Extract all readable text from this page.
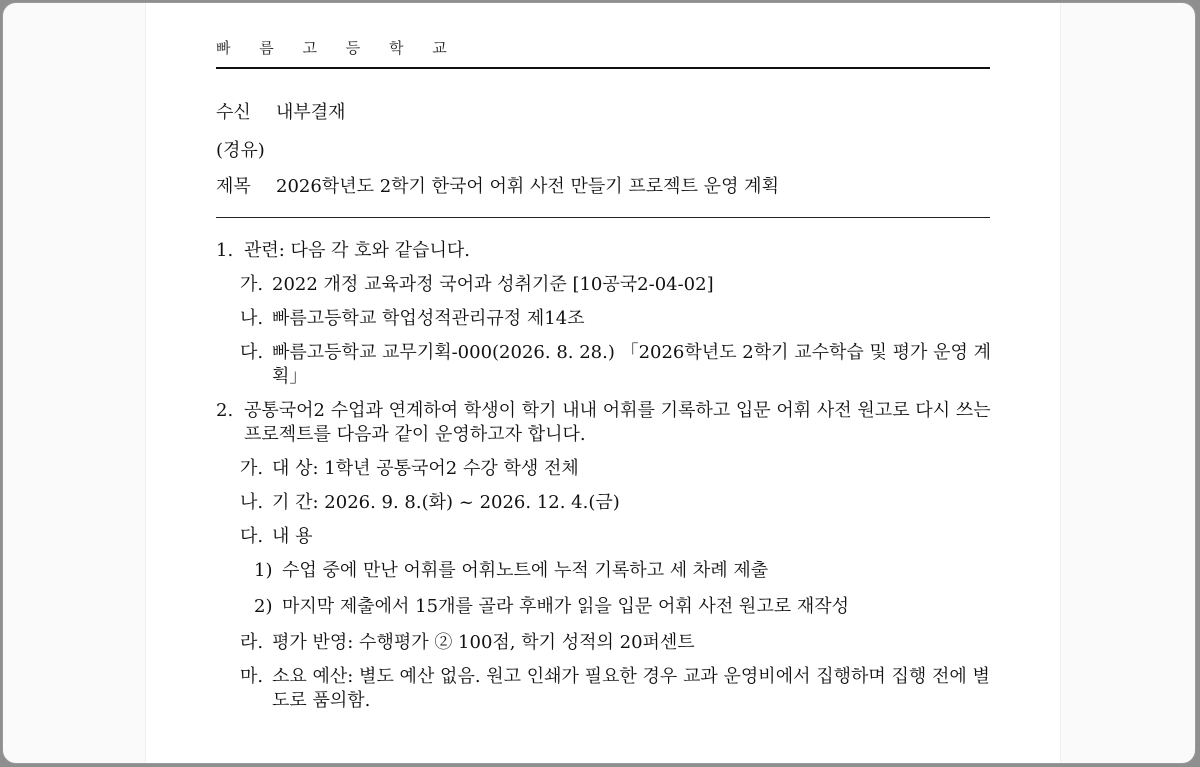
빠 름 고 등 학 교
수신 내부결재
(경유)
제목 2026학년도 2학기 한국어 어휘 사전 만들기 프로젝트 운영 계획
1. 관련: 다음 각 호와 같습니다.
가. 2022 개정 교육과정 국어과 성취기준 [10공국2-04-02]
나. 빠름고등학교 학업성적관리규정 제14조
다. 빠름고등학교 교무기획-000(2026. 8. 28.) 「2026학년도 2학기 교수학습 및 평가 운영 계획」
2. 공통국어2 수업과 연계하여 학생이 학기 내내 어휘를 기록하고 입문 어휘 사전 원고로 다시 쓰는 프로젝트를 다음과 같이 운영하고자 합니다.
가. 대 상: 1학년 공통국어2 수강 학생 전체
나. 기 간: 2026. 9. 8.(화) ~ 2026. 12. 4.(금)
다. 내 용
1) 수업 중에 만난 어휘를 어휘노트에 누적 기록하고 세 차례 제출
2) 마지막 제출에서 15개를 골라 후배가 읽을 입문 어휘 사전 원고로 재작성
라. 평가 반영: 수행평가 ② 100점, 학기 성적의 20퍼센트
마. 소요 예산: 별도 예산 없음. 원고 인쇄가 필요한 경우 교과 운영비에서 집행하며 집행 전에 별도로 품의함.
